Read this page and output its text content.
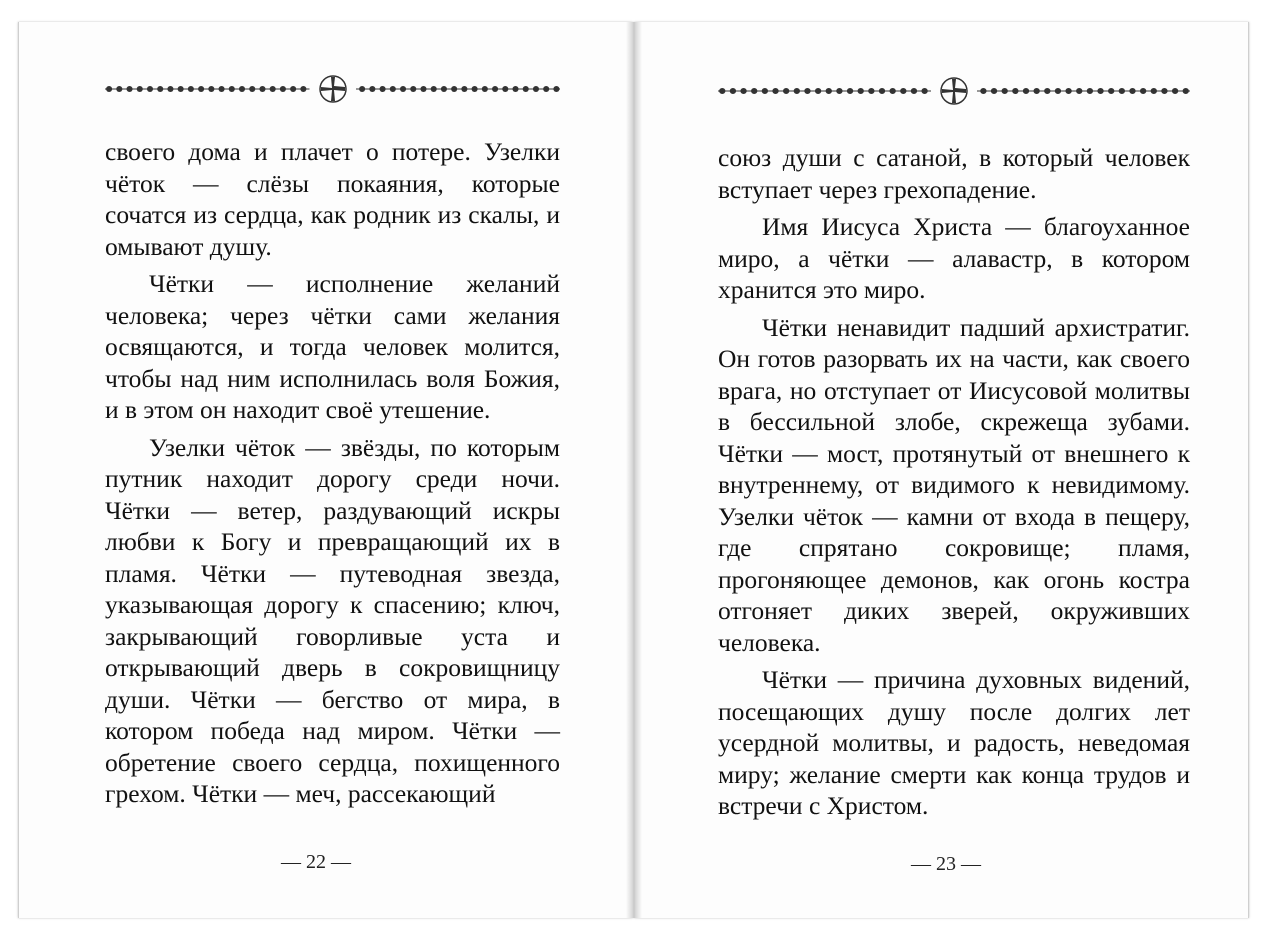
своего дома и плачет о потере. Узелки чёток — слёзы покаяния, которые сочатся из сердца, как родник из скалы, и омывают душу.

Чётки — исполнение желаний человека; через чётки сами желания освящаются, и тогда человек молится, чтобы над ним исполнилась воля Божия, и в этом он находит своё утешение.

Узелки чёток — звёзды, по которым путник находит дорогу среди ночи. Чётки — ветер, раздувающий искры любви к Богу и превращающий их в пламя. Чётки — путеводная звезда, указывающая дорогу к спасению; ключ, закрывающий говорливые уста и открывающий дверь в сокровищницу души. Чётки — бегство от мира, в котором победа над миром. Чётки — обретение своего сердца, похищенного грехом. Чётки — меч, рассекающий

— 22 —

союз души с сатаной, в который человек вступает через грехопадение.

Имя Иисуса Христа — благоуханное миро, а чётки — алавастр, в котором хранится это миро.

Чётки ненавидит падший архистратиг. Он готов разорвать их на части, как своего врага, но отступает от Иисусовой молитвы в бессильной злобе, скрежеща зубами. Чётки — мост, протянутый от внешнего к внутреннему, от видимого к невидимому. Узелки чёток — камни от входа в пещеру, где спрятано сокровище; пламя, прогоняющее демонов, как огонь костра отгоняет диких зверей, окруживших человека.

Чётки — причина духовных видений, посещающих душу после долгих лет усердной молитвы, и радость, неведомая миру; желание смерти как конца трудов и встречи с Христом.

— 23 —
